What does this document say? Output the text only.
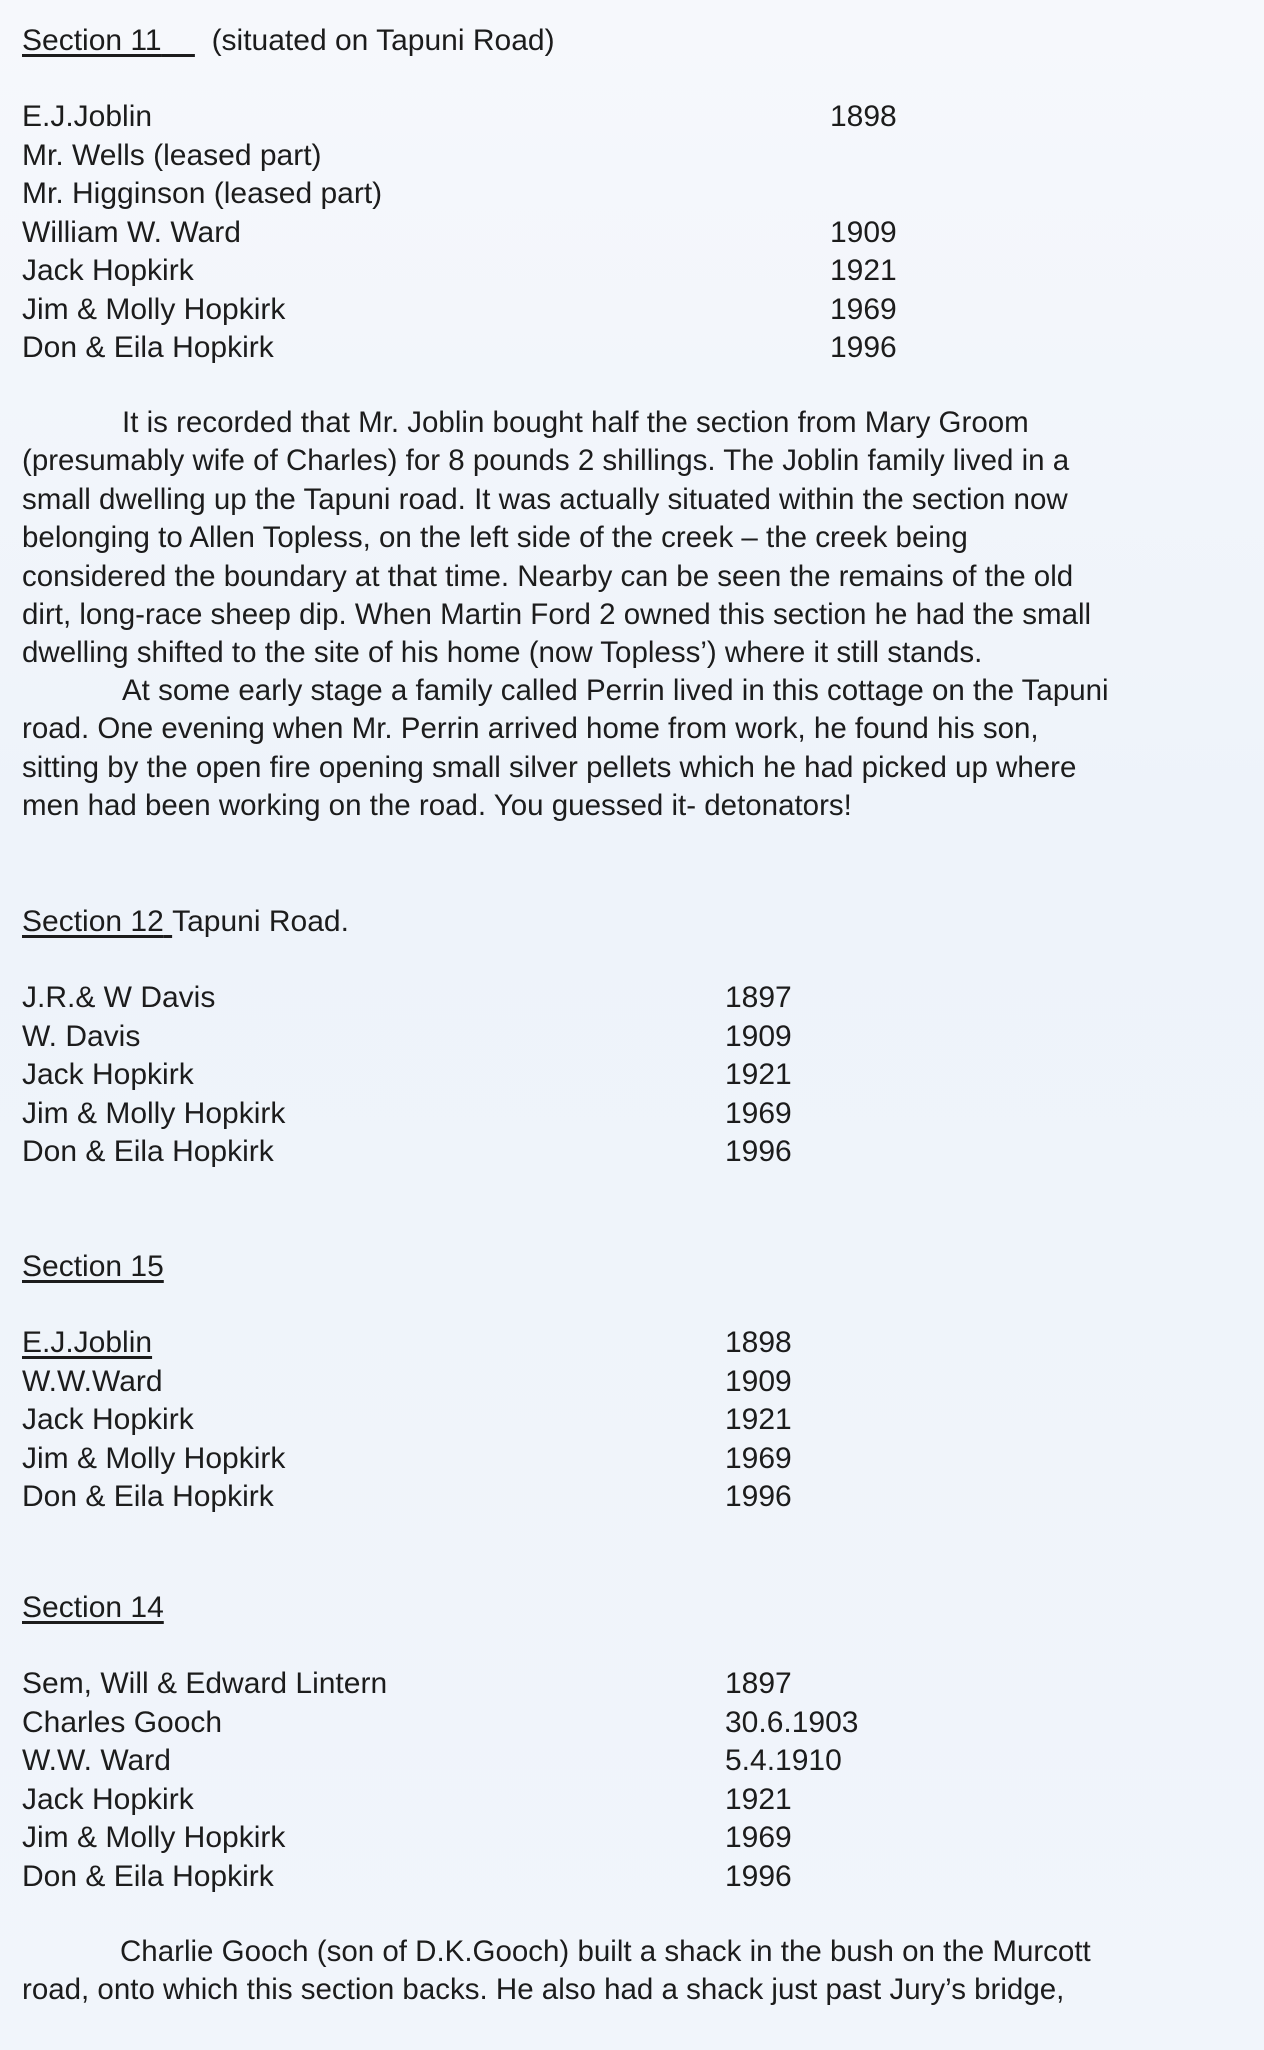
Section 11 (situated on Tapuni Road)

E.J.Joblin	1898
Mr. Wells (leased part)
Mr. Higginson (leased part)
William W. Ward	1909
Jack Hopkirk	1921
Jim & Molly Hopkirk	1969
Don & Eila Hopkirk	1996

It is recorded that Mr. Joblin bought half the section from Mary Groom
(presumably wife of Charles) for 8 pounds 2 shillings. The Joblin family lived in a
small dwelling up the Tapuni road. It was actually situated within the section now
belonging to Allen Topless, on the left side of the creek – the creek being
considered the boundary at that time. Nearby can be seen the remains of the old
dirt, long-race sheep dip. When Martin Ford 2 owned this section he had the small
dwelling shifted to the site of his home (now Topless’) where it still stands.

At some early stage a family called Perrin lived in this cottage on the Tapuni
road. One evening when Mr. Perrin arrived home from work, he found his son,
sitting by the open fire opening small silver pellets which he had picked up where
men had been working on the road. You guessed it- detonators!

Section 12 Tapuni Road.

J.R.& W Davis	1897
W. Davis	1909
Jack Hopkirk	1921
Jim & Molly Hopkirk	1969
Don & Eila Hopkirk	1996

Section 15

E.J.Joblin	1898
W.W.Ward	1909
Jack Hopkirk	1921
Jim & Molly Hopkirk	1969
Don & Eila Hopkirk	1996

Section 14

Sem, Will & Edward Lintern	1897
Charles Gooch	30.6.1903
W.W. Ward	5.4.1910
Jack Hopkirk	1921
Jim & Molly Hopkirk	1969
Don & Eila Hopkirk	1996

Charlie Gooch (son of D.K.Gooch) built a shack in the bush on the Murcott
road, onto which this section backs. He also had a shack just past Jury’s bridge,
